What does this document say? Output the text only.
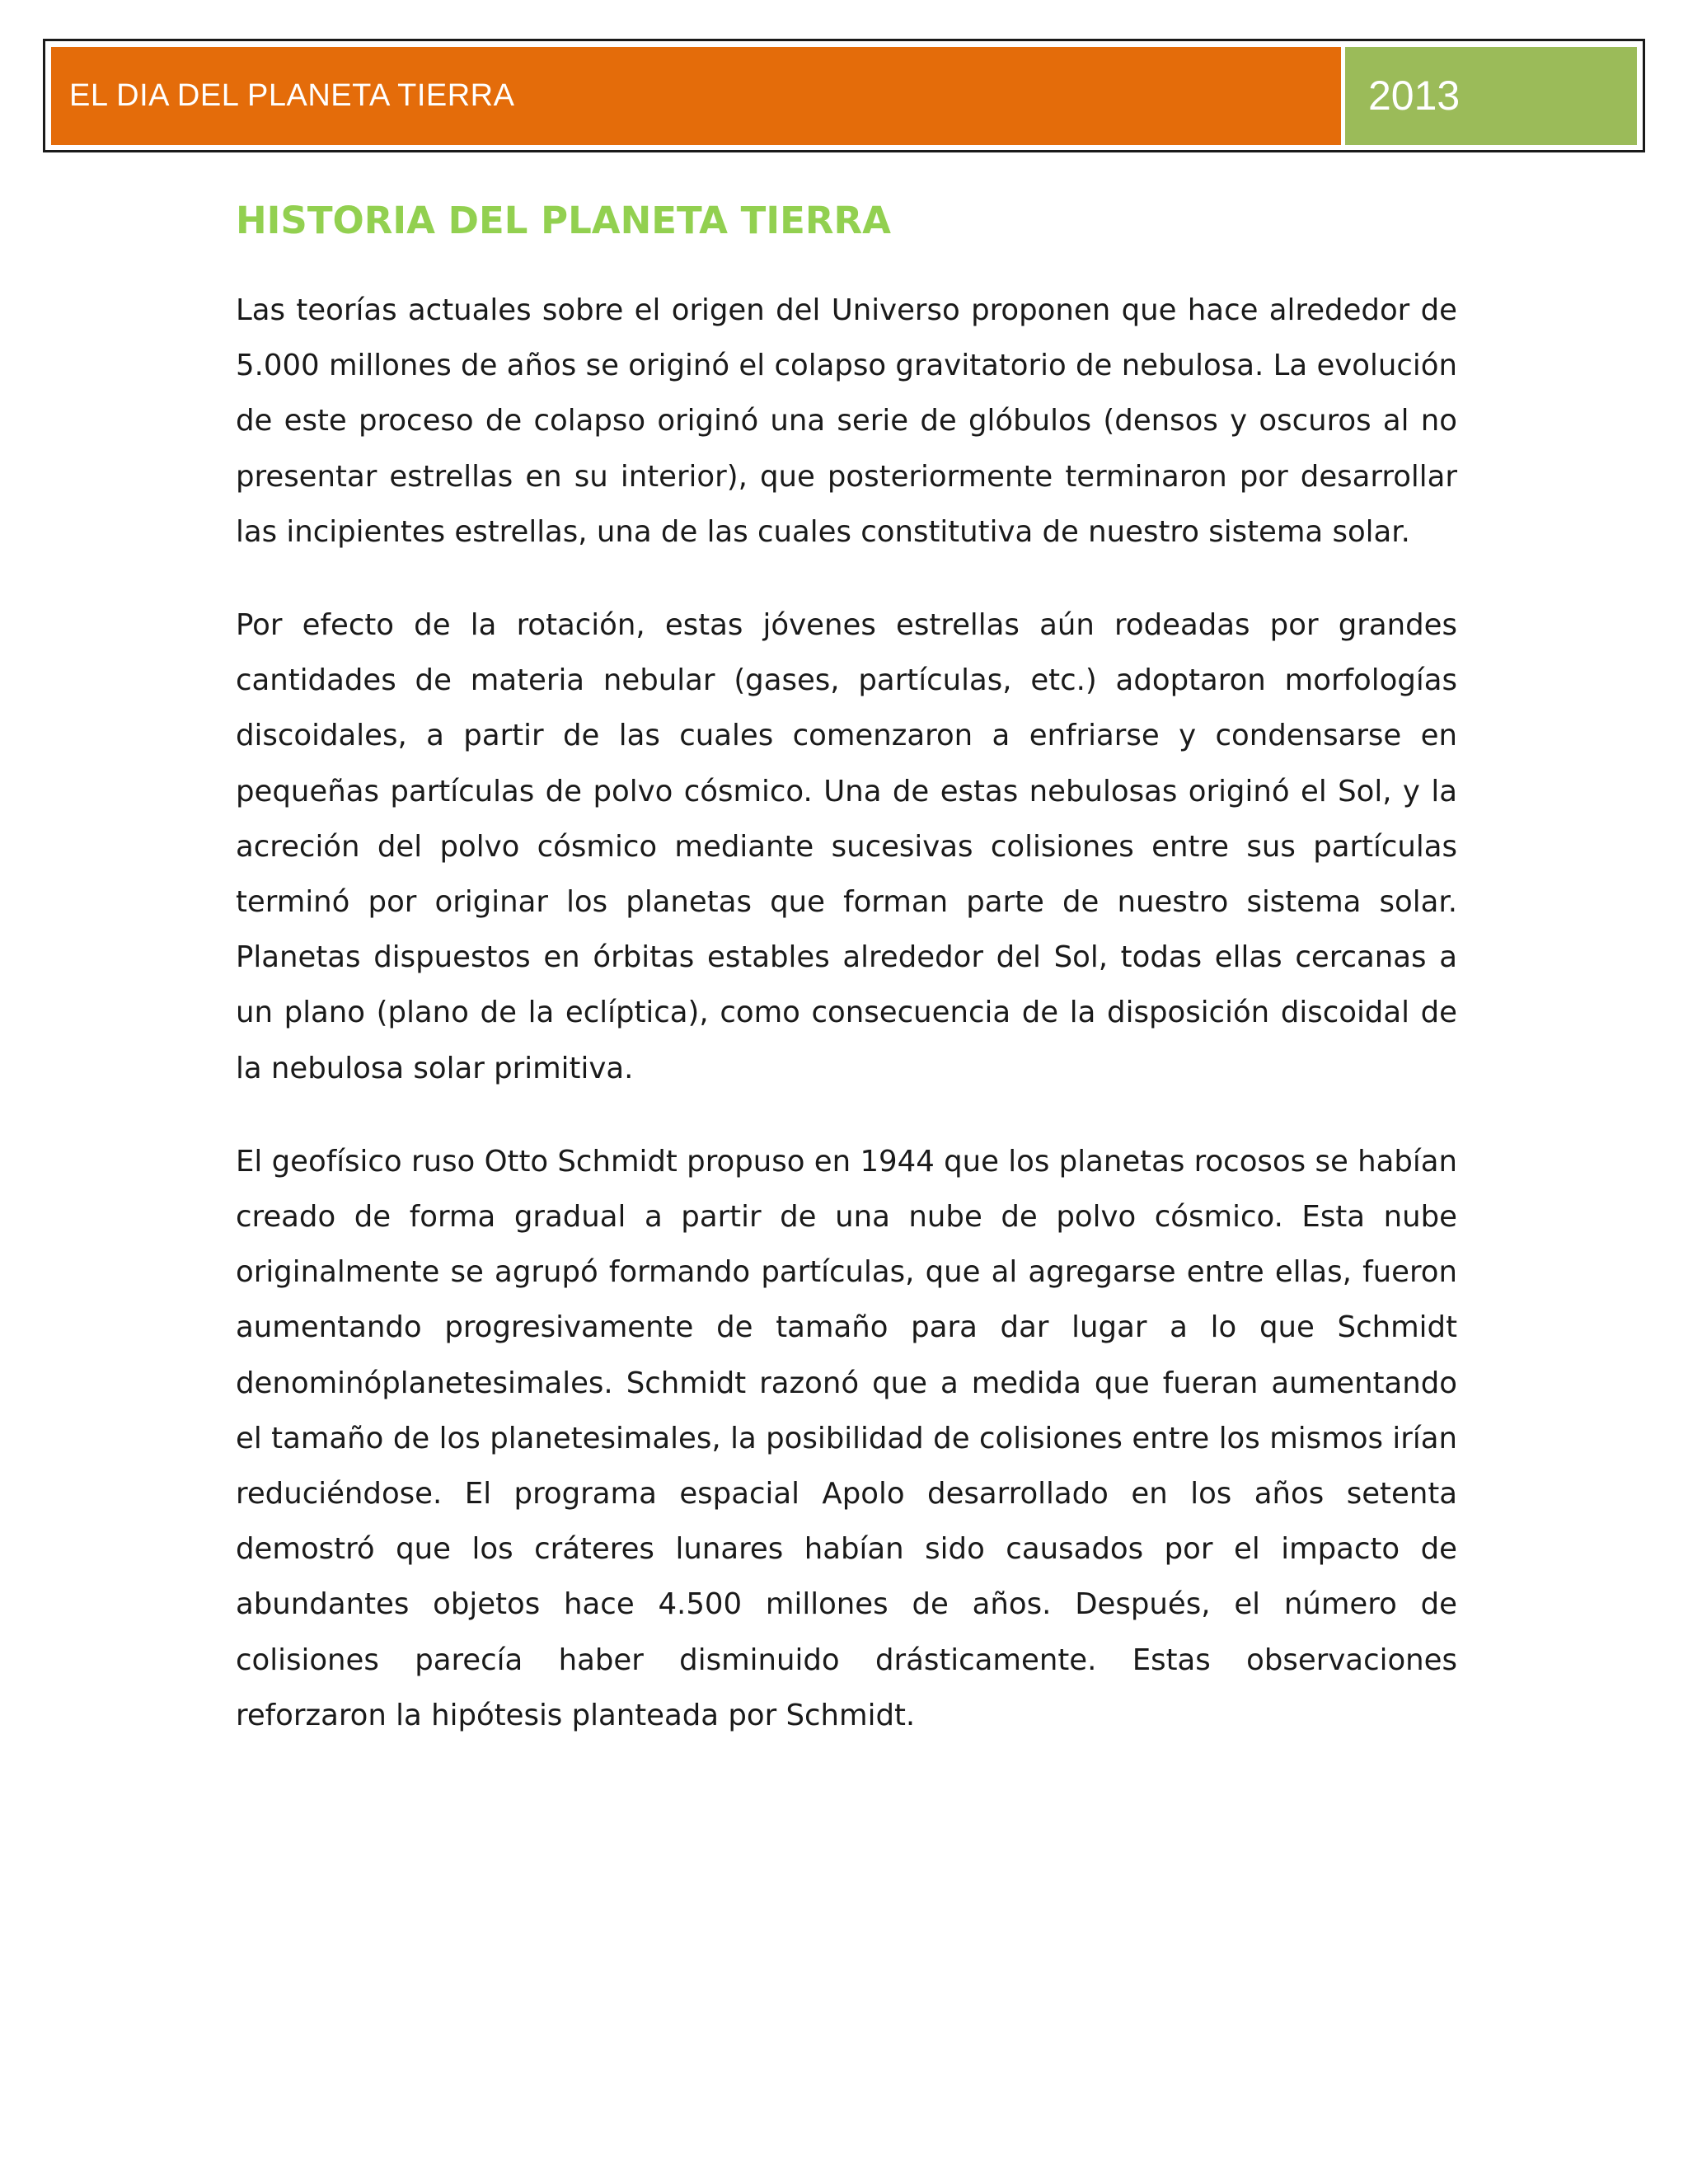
EL DIA DEL PLANETA TIERRA	2013
HISTORIA DEL PLANETA TIERRA

Las teorías actuales sobre el origen del Universo proponen que hace alrededor de 5.000 millones de años se originó el colapso gravitatorio de nebulosa. La evolución de este proceso de colapso originó una serie de glóbulos (densos y oscuros al no presentar estrellas en su interior), que posteriormente terminaron por desarrollar las incipientes estrellas, una de las cuales constitutiva de nuestro sistema solar.

Por efecto de la rotación, estas jóvenes estrellas aún rodeadas por grandes cantidades de materia nebular (gases, partículas, etc.) adoptaron morfologías discoidales, a partir de las cuales comenzaron a enfriarse y condensarse en pequeñas partículas de polvo cósmico. Una de estas nebulosas originó el Sol, y la acreción del polvo cósmico mediante sucesivas colisiones entre sus partículas terminó por originar los planetas que forman parte de nuestro sistema solar. Planetas dispuestos en órbitas estables alrededor del Sol, todas ellas cercanas a un plano (plano de la eclíptica), como consecuencia de la disposición discoidal de la nebulosa solar primitiva.

El geofísico ruso Otto Schmidt propuso en 1944 que los planetas rocosos se habían creado de forma gradual a partir de una nube de polvo cósmico. Esta nube originalmente se agrupó formando partículas, que al agregarse entre ellas, fueron aumentando progresivamente de tamaño para dar lugar a lo que Schmidt denominóplanetesimales. Schmidt razonó que a medida que fueran aumentando el tamaño de los planetesimales, la posibilidad de colisiones entre los mismos irían reduciéndose. El programa espacial Apolo desarrollado en los años setenta demostró que los cráteres lunares habían sido causados por el impacto de abundantes objetos hace 4.500 millones de años. Después, el número de colisiones parecía haber disminuido drásticamente. Estas observaciones reforzaron la hipótesis planteada por Schmidt.
